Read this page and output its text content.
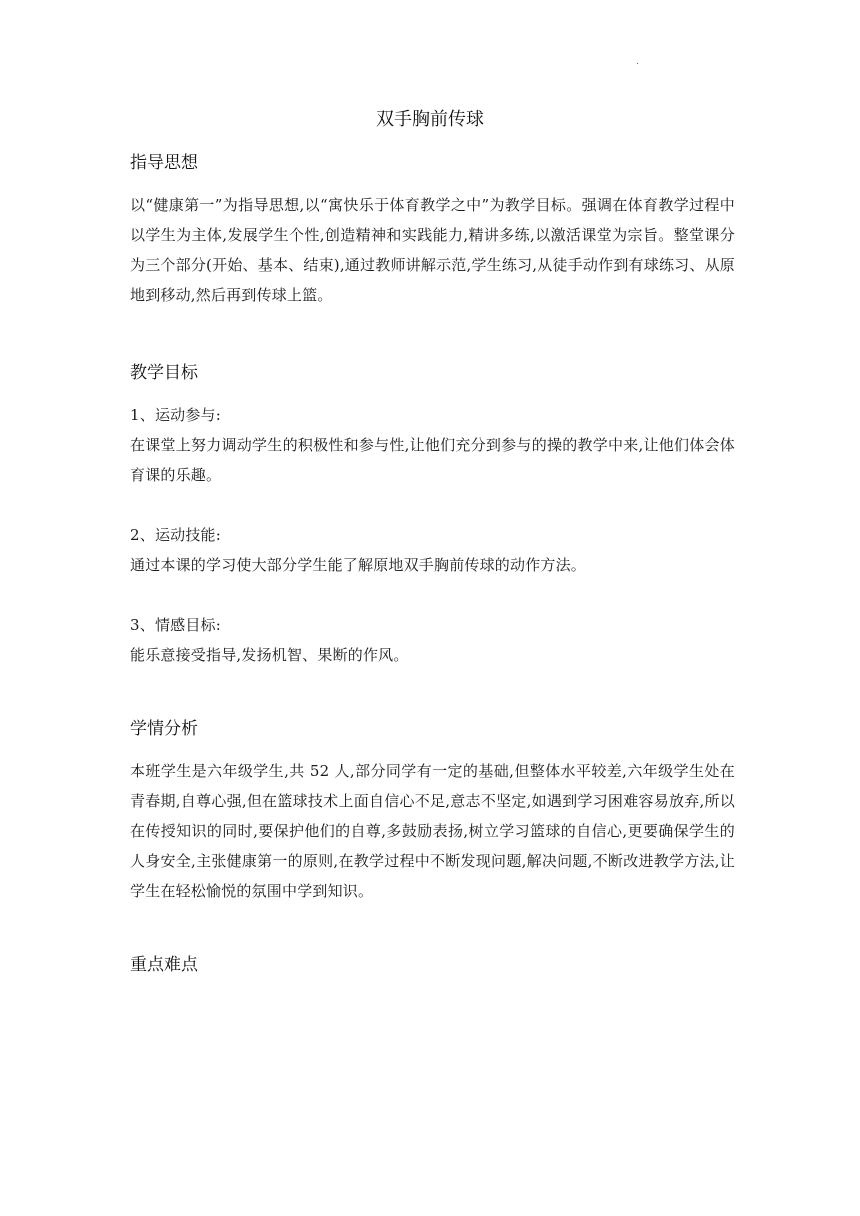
.
双手胸前传球
指导思想

以“健康第一”为指导思想,以“寓快乐于体育教学之中”为教学目标。强调在体育教学过程中以学生为主体,发展学生个性,创造精神和实践能力,精讲多练,以激活课堂为宗旨。整堂课分为三个部分(开始、基本、结束),通过教师讲解示范,学生练习,从徒手动作到有球练习、从原地到移动,然后再到传球上篮。

教学目标

1、运动参与:

在课堂上努力调动学生的积极性和参与性,让他们充分到参与的操的教学中来,让他们体会体育课的乐趣。

2、运动技能:

通过本课的学习使大部分学生能了解原地双手胸前传球的动作方法。

3、情感目标:

能乐意接受指导,发扬机智、果断的作风。

学情分析

本班学生是六年级学生,共 52 人,部分同学有一定的基础,但整体水平较差,六年级学生处在青春期,自尊心强,但在篮球技术上面自信心不足,意志不坚定,如遇到学习困难容易放弃,所以在传授知识的同时,要保护他们的自尊,多鼓励表扬,树立学习篮球的自信心,更要确保学生的人身安全,主张健康第一的原则,在教学过程中不断发现问题,解决问题,不断改进教学方法,让学生在轻松愉悦的氛围中学到知识。

重点难点
